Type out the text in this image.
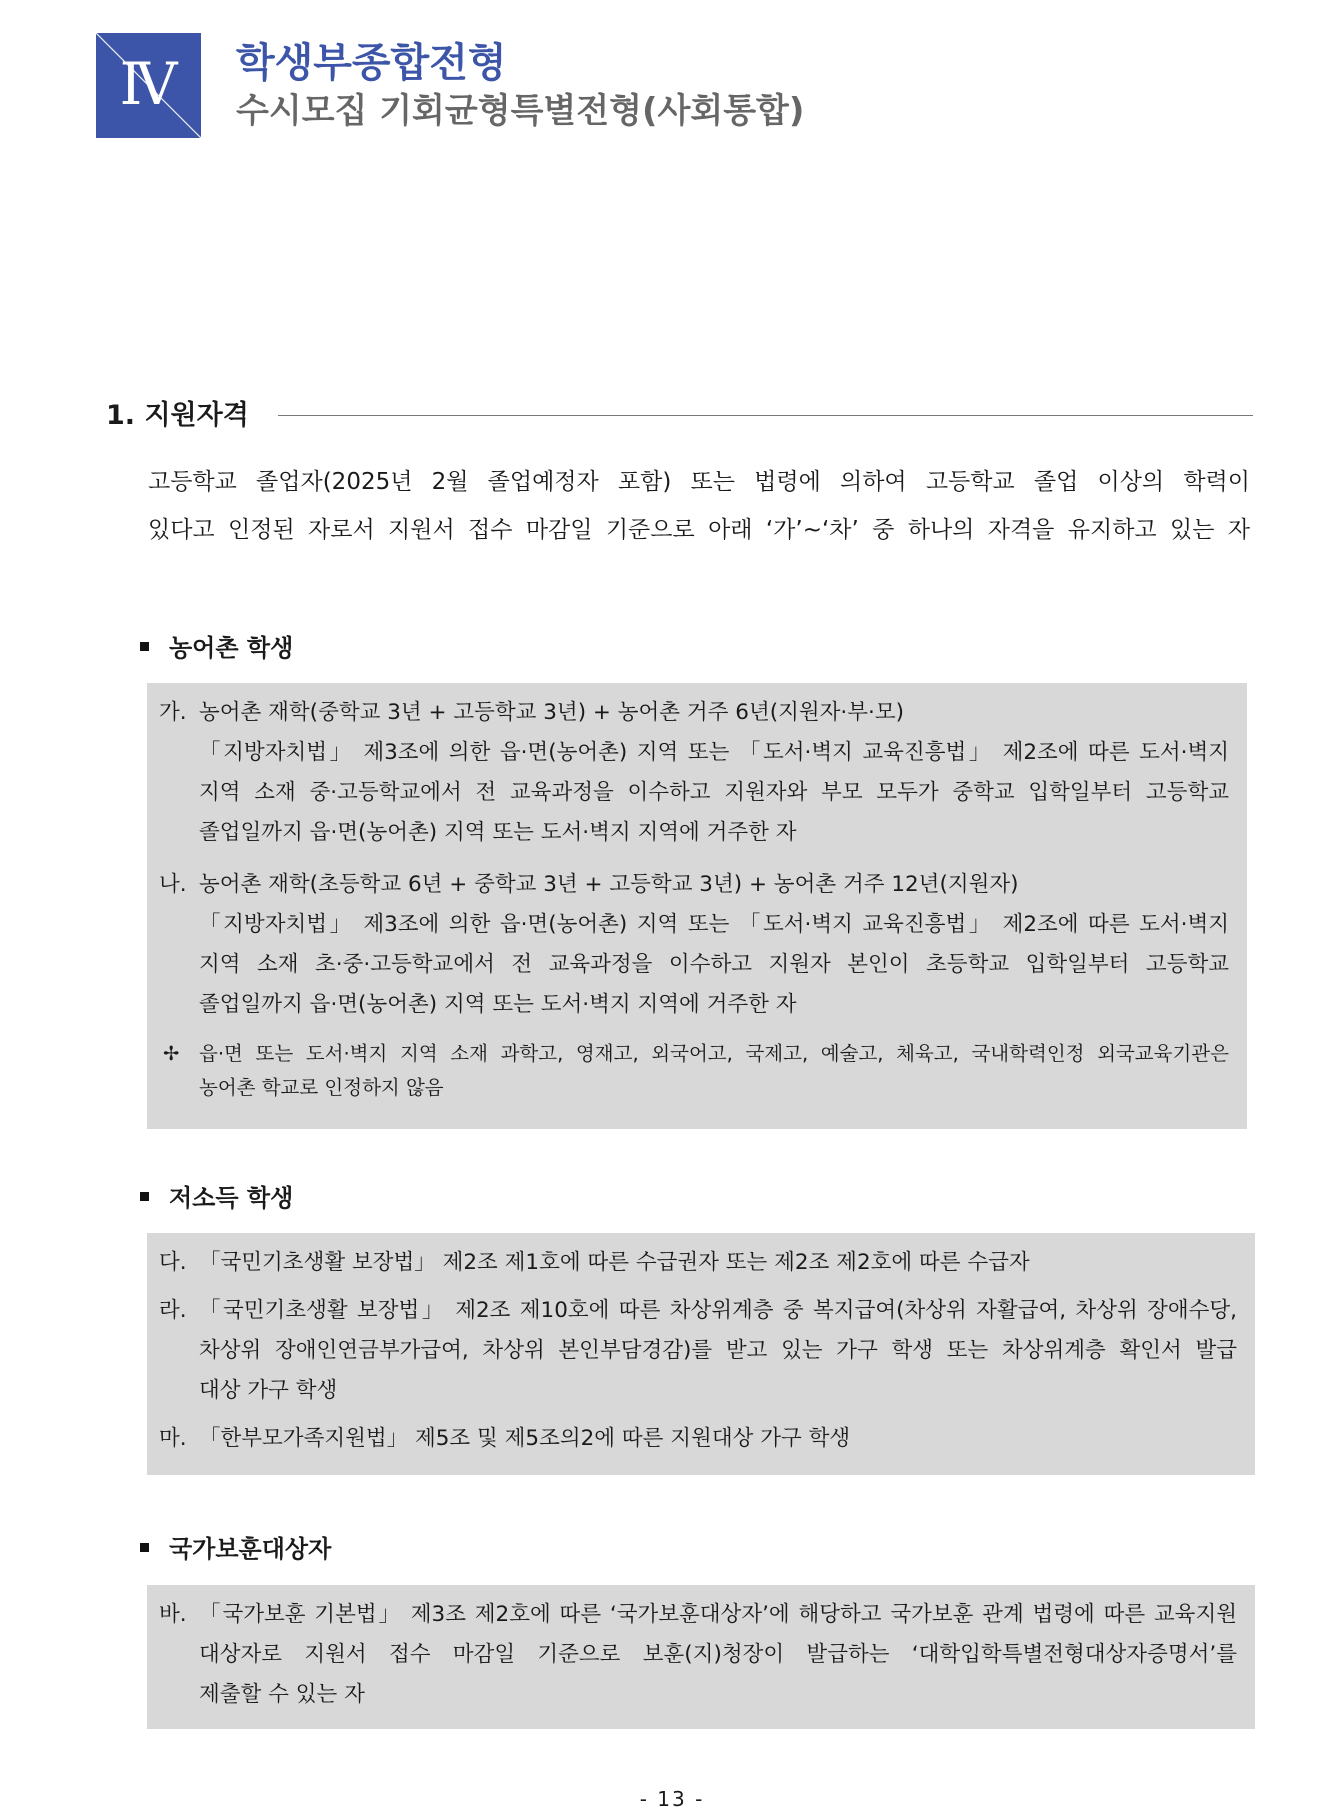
Ⅳ	학생부종합전형
수시모집 기회균형특별전형(사회통합)
1. 지원자격
고등학교 졸업자(2025년 2월 졸업예정자 포함) 또는 법령에 의하여 고등학교 졸업 이상의 학력이
있다고 인정된 자로서 지원서 접수 마감일 기준으로 아래 ‘가’~‘차’ 중 하나의 자격을 유지하고 있는 자
농어촌 학생
가. 농어촌 재학(중학교 3년 + 고등학교 3년) + 농어촌 거주 6년(지원자·부·모)
「지방자치법」 제3조에 의한 읍·면(농어촌) 지역 또는 「도서·벽지 교육진흥법」 제2조에 따른 도서·벽지
지역 소재 중·고등학교에서 전 교육과정을 이수하고 지원자와 부모 모두가 중학교 입학일부터 고등학교
졸업일까지 읍·면(농어촌) 지역 또는 도서·벽지 지역에 거주한 자
나. 농어촌 재학(초등학교 6년 + 중학교 3년 + 고등학교 3년) + 농어촌 거주 12년(지원자)
「지방자치법」 제3조에 의한 읍·면(농어촌) 지역 또는 「도서·벽지 교육진흥법」 제2조에 따른 도서·벽지
지역 소재 초·중·고등학교에서 전 교육과정을 이수하고 지원자 본인이 초등학교 입학일부터 고등학교
졸업일까지 읍·면(농어촌) 지역 또는 도서·벽지 지역에 거주한 자
✢ 읍·면 또는 도서·벽지 지역 소재 과학고, 영재고, 외국어고, 국제고, 예술고, 체육고, 국내학력인정 외국교육기관은
농어촌 학교로 인정하지 않음
저소득 학생
다. 「국민기초생활 보장법」 제2조 제1호에 따른 수급권자 또는 제2조 제2호에 따른 수급자
라. 「국민기초생활 보장법」 제2조 제10호에 따른 차상위계층 중 복지급여(차상위 자활급여, 차상위 장애수당,
차상위 장애인연금부가급여, 차상위 본인부담경감)를 받고 있는 가구 학생 또는 차상위계층 확인서 발급
대상 가구 학생
마. 「한부모가족지원법」 제5조 및 제5조의2에 따른 지원대상 가구 학생
국가보훈대상자
바. 「국가보훈 기본법」 제3조 제2호에 따른 ‘국가보훈대상자’에 해당하고 국가보훈 관계 법령에 따른 교육지원
대상자로 지원서 접수 마감일 기준으로 보훈(지)청장이 발급하는 ‘대학입학특별전형대상자증명서’를
제출할 수 있는 자
- 13 -
